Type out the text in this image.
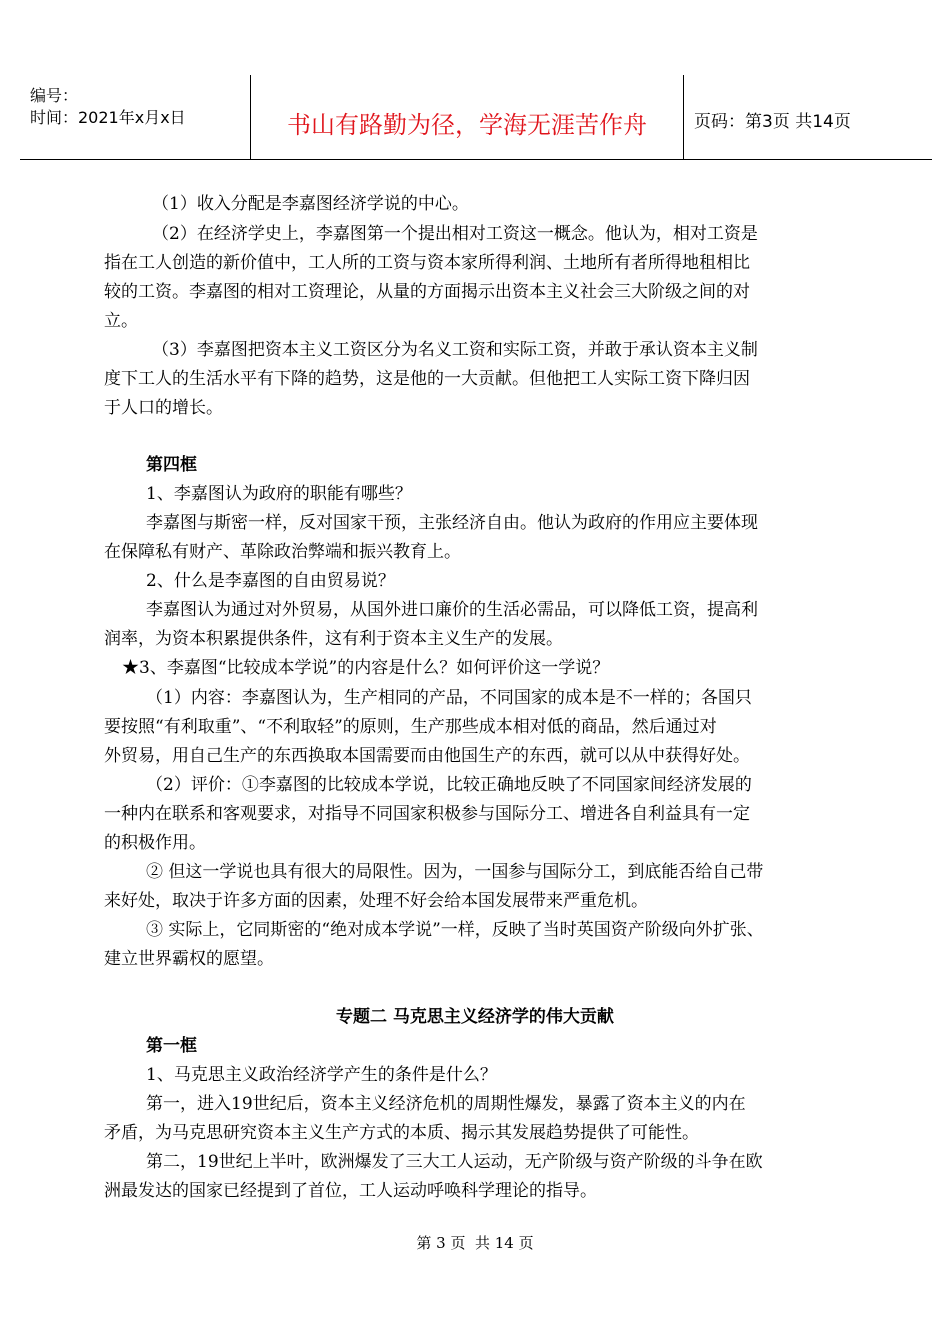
编号：
时间：2021年x月x日	书山有路勤为径，学海无涯苦作舟	页码：第3页 共14页
（1）收入分配是李嘉图经济学说的中心。
（2）在经济学史上，李嘉图第一个提出相对工资这一概念。他认为，相对工资是
指在工人创造的新价值中，工人所的工资与资本家所得利润、土地所有者所得地租相比
较的工资。李嘉图的相对工资理论，从量的方面揭示出资本主义社会三大阶级之间的对
立。
（3）李嘉图把资本主义工资区分为名义工资和实际工资，并敢于承认资本主义制
度下工人的生活水平有下降的趋势，这是他的一大贡献。但他把工人实际工资下降归因
于人口的增长。
第四框
1、李嘉图认为政府的职能有哪些？
李嘉图与斯密一样，反对国家干预，主张经济自由。他认为政府的作用应主要体现
在保障私有财产、革除政治弊端和振兴教育上。
2、什么是李嘉图的自由贸易说？
李嘉图认为通过对外贸易，从国外进口廉价的生活必需品，可以降低工资，提高利
润率，为资本积累提供条件，这有利于资本主义生产的发展。
★3、李嘉图“比较成本学说”的内容是什么？如何评价这一学说？
（1）内容：李嘉图认为，生产相同的产品，不同国家的成本是不一样的；各国只
要按照“有利取重”、“不利取轻”的原则，生产那些成本相对低的商品，然后通过对
外贸易，用自己生产的东西换取本国需要而由他国生产的东西，就可以从中获得好处。
（2）评价：①李嘉图的比较成本学说，比较正确地反映了不同国家间经济发展的
一种内在联系和客观要求，对指导不同国家积极参与国际分工、增进各自利益具有一定
的积极作用。
② 但这一学说也具有很大的局限性。因为，一国参与国际分工，到底能否给自己带
来好处，取决于许多方面的因素，处理不好会给本国发展带来严重危机。
③ 实际上，它同斯密的“绝对成本学说”一样，反映了当时英国资产阶级向外扩张、
建立世界霸权的愿望。
专题二 马克思主义经济学的伟大贡献
第一框
1、马克思主义政治经济学产生的条件是什么？
第一，进入19世纪后，资本主义经济危机的周期性爆发，暴露了资本主义的内在
矛盾，为马克思研究资本主义生产方式的本质、揭示其发展趋势提供了可能性。
第二，19世纪上半叶，欧洲爆发了三大工人运动，无产阶级与资产阶级的斗争在欧
洲最发达的国家已经提到了首位，工人运动呼唤科学理论的指导。
第 3 页  共 14 页
